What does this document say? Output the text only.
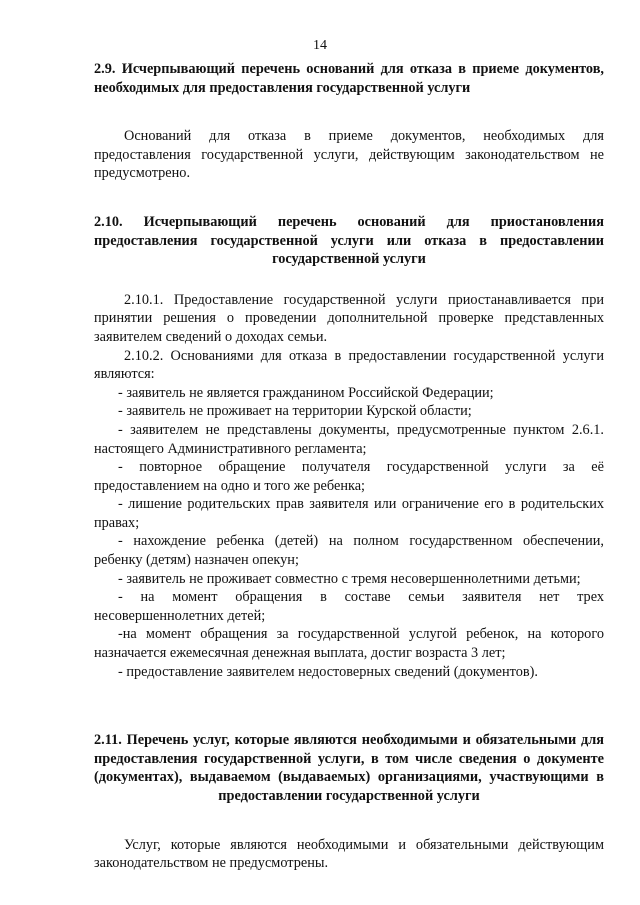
14

2.9. Исчерпывающий перечень оснований для отказа в приеме документов, необходимых для предоставления государственной услуги

Оснований для отказа в приеме документов, необходимых для предоставления государственной услуги, действующим законодательством не предусмотрено.

2.10. Исчерпывающий перечень оснований для приостановления предоставления государственной услуги или отказа в предоставлении государственной услуги

2.10.1. Предоставление государственной услуги приостанавливается при принятии решения о проведении дополнительной проверке представленных заявителем сведений о доходах семьи.

2.10.2. Основаниями для отказа в предоставлении государственной услуги являются:

- заявитель не является гражданином Российской Федерации;

- заявитель не проживает на территории Курской области;

- заявителем не представлены документы, предусмотренные пунктом 2.6.1. настоящего Административного регламента;

- повторное обращение получателя государственной услуги за её предоставлением на одно и того же ребенка;

- лишение родительских прав заявителя или ограничение его в родительских правах;

- нахождение ребенка (детей) на полном государственном обеспечении, ребенку (детям) назначен опекун;

- заявитель не проживает совместно с тремя несовершеннолетними детьми;

- на момент обращения в составе семьи заявителя нет трех несовершеннолетних детей;

-на момент обращения за государственной услугой ребенок, на которого назначается ежемесячная денежная выплата, достиг возраста 3 лет;

- предоставление заявителем недостоверных сведений (документов).

2.11. Перечень услуг, которые являются необходимыми и обязательными для предоставления государственной услуги, в том числе сведения о документе (документах), выдаваемом (выдаваемых) организациями, участвующими в предоставлении государственной услуги

Услуг, которые являются необходимыми и обязательными действующим законодательством не предусмотрены.
